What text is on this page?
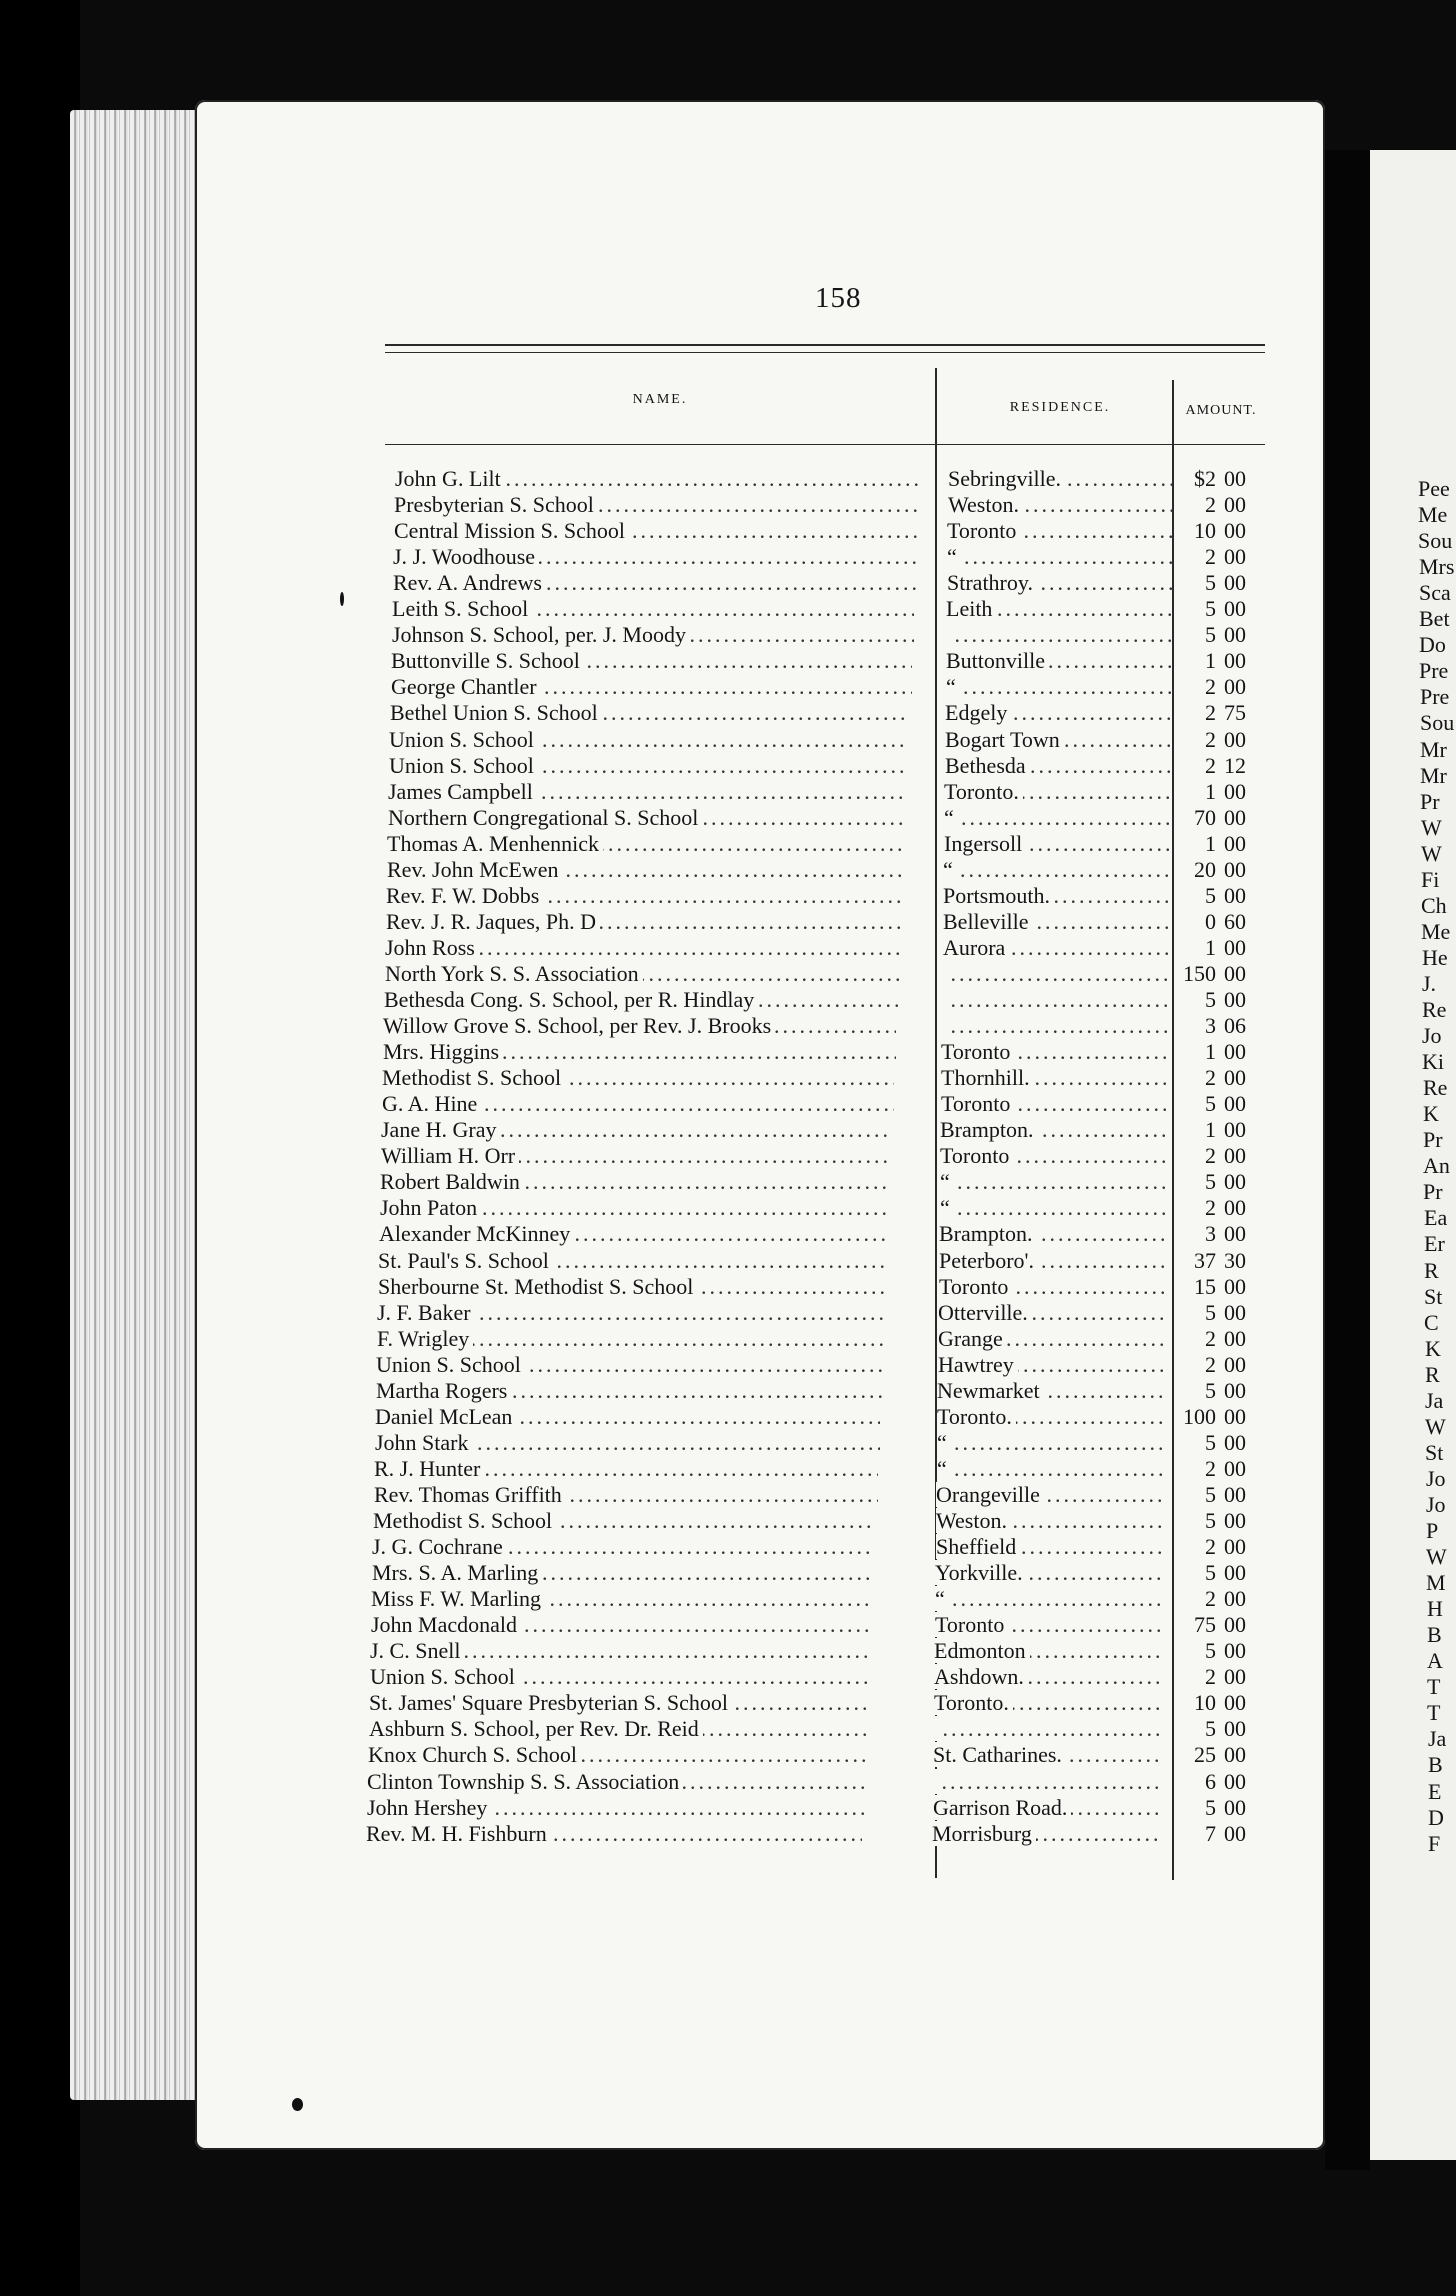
158
NAME.
RESIDENCE.	AMOUNT.
John G. Lilt .....	Sebringville. .....	$2 00
Presbyterian S. School .....	Weston. .....	2 00
Central Mission S. School .....	Toronto .....	10 00
J. J. Woodhouse .....	“ .....	2 00
Rev. A. Andrews .....	Strathroy. .....	5 00
Leith S. School .....	Leith .....	5 00
Johnson S. School, per. J. Moody ..... .....	5 00
Buttonville S. School .....	Buttonville .....	1 00
George Chantler .....	“ .....	2 00
Bethel Union S. School .....	Edgely .....	2 75
Union S. School .....	Bogart Town .....	2 00
Union S. School .....	Bethesda .....	2 12
James Campbell .....	Toronto. .....	1 00
Northern Congregational S. School .....	“ .....	70 00
Thomas A. Menhennick .....	Ingersoll .....	1 00
Rev. John McEwen .....	“ .....	20 00
Rev. F. W. Dobbs .....	Portsmouth. .....	5 00
Rev. J. R. Jaques, Ph. D .....	Belleville .....	0 60
John Ross .....	Aurora .....	1 00
North York S. S. Association ..... .....	150 00
Bethesda Cong. S. School, per R. Hindlay ..... .....	5 00
Willow Grove S. School, per Rev. J. Brooks ..... .....	3 06
Mrs. Higgins .....	Toronto .....	1 00
Methodist S. School .....	Thornhill. .....	2 00
G. A. Hine .....	Toronto .....	5 00
Jane H. Gray .....	Brampton. .....	1 00
William H. Orr .....	Toronto .....	2 00
Robert Baldwin .....	“ .....	5 00
John Paton .....	“ .....	2 00
Alexander McKinney .....	Brampton. .....	3 00
St. Paul's S. School .....	Peterboro'. .....	37 30
Sherbourne St. Methodist S. School .....	Toronto .....	15 00
J. F. Baker .....	Otterville. .....	5 00
F. Wrigley .....	Grange .....	2 00
Union S. School .....	Hawtrey .....	2 00
Martha Rogers .....	Newmarket .....	5 00
Daniel McLean .....	Toronto. .....	100 00
John Stark .....	“ .....	5 00
R. J. Hunter .....	“ .....	2 00
Rev. Thomas Griffith .....	Orangeville .....	5 00
Methodist S. School .....	Weston. .....	5 00
J. G. Cochrane .....	Sheffield .....	2 00
Mrs. S. A. Marling .....	Yorkville. .....	5 00
Miss F. W. Marling .....	“ .....	2 00
John Macdonald .....	Toronto .....	75 00
J. C. Snell .....	Edmonton .....	5 00
Union S. School .....	Ashdown. .....	2 00
St. James' Square Presbyterian S. School .....	Toronto. .....	10 00
Ashburn S. School, per Rev. Dr. Reid ..... .....	5 00
Knox Church S. School .....	St. Catharines. .....	25 00
Clinton Township S. S. Association ..... .....	6 00
John Hershey .....	Garrison Road. .....	5 00
Rev. M. H. Fishburn .....	Morrisburg .....	7 00
Pee
Me
Sou
Mrs
Sca
Bet
Do
Pre
Pre
Sou
Mr
Mr
Pr
W
W
Fi
Ch
Me
He
J.
Re
Jo
Ki
Re
K
Pr
An
Pr
Ea
Er
R
St
C
K
R
Ja
W
St
Jo
Jo
P
W
M
H
B
A
T
T
Ja
B
E
D
F
